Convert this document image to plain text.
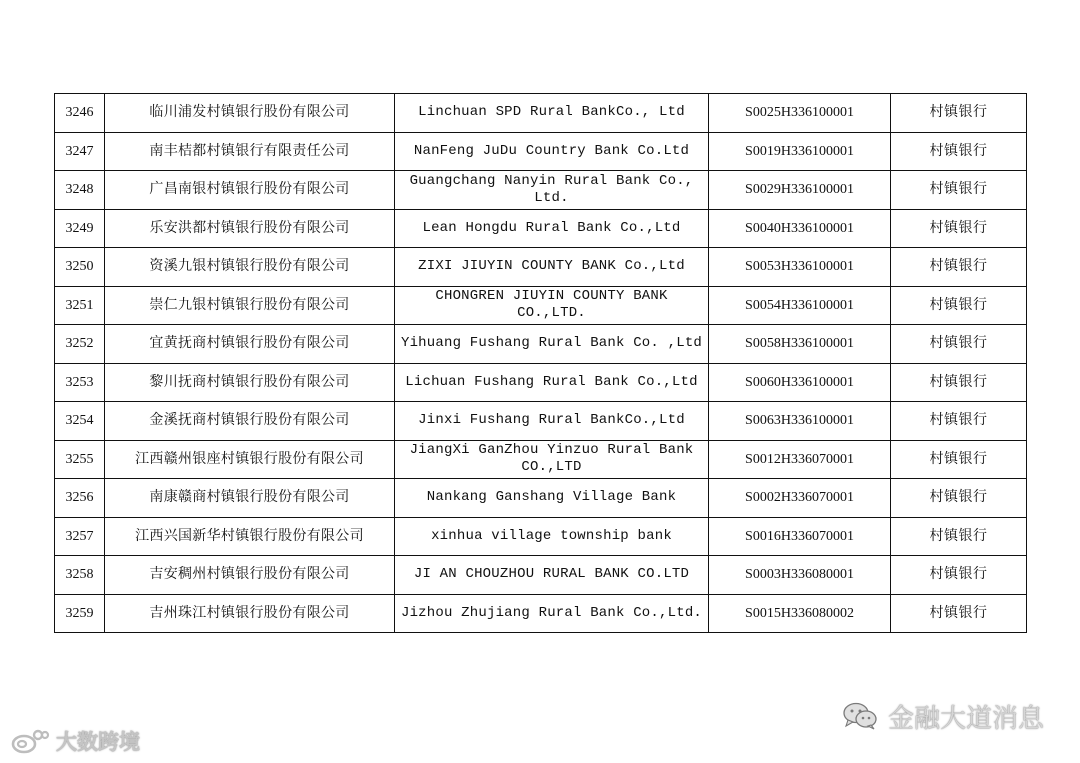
3246	临川浦发村镇银行股份有限公司	Linchuan SPD Rural BankCo., Ltd	S0025H336100001	村镇银行
3247	南丰桔都村镇银行有限责任公司	NanFeng JuDu Country Bank Co.Ltd	S0019H336100001	村镇银行
3248	广昌南银村镇银行股份有限公司	Guangchang Nanyin Rural Bank Co., Ltd.	S0029H336100001	村镇银行
3249	乐安洪都村镇银行股份有限公司	Lean Hongdu Rural Bank Co.,Ltd	S0040H336100001	村镇银行
3250	资溪九银村镇银行股份有限公司	ZIXI JIUYIN COUNTY BANK Co.,Ltd	S0053H336100001	村镇银行
3251	崇仁九银村镇银行股份有限公司	CHONGREN JIUYIN COUNTY BANK CO.,LTD.	S0054H336100001	村镇银行
3252	宜黄抚商村镇银行股份有限公司	Yihuang Fushang Rural Bank Co. ,Ltd	S0058H336100001	村镇银行
3253	黎川抚商村镇银行股份有限公司	Lichuan Fushang Rural Bank Co.,Ltd	S0060H336100001	村镇银行
3254	金溪抚商村镇银行股份有限公司	Jinxi Fushang Rural BankCo.,Ltd	S0063H336100001	村镇银行
3255	江西赣州银座村镇银行股份有限公司	JiangXi GanZhou Yinzuo Rural Bank CO.,LTD	S0012H336070001	村镇银行
3256	南康赣商村镇银行股份有限公司	Nankang Ganshang Village Bank	S0002H336070001	村镇银行
3257	江西兴国新华村镇银行股份有限公司	xinhua village township bank	S0016H336070001	村镇银行
3258	吉安稠州村镇银行股份有限公司	JI AN CHOUZHOU RURAL BANK CO.LTD	S0003H336080001	村镇银行
3259	吉州珠江村镇银行股份有限公司	Jizhou Zhujiang Rural Bank Co.,Ltd.	S0015H336080002	村镇银行
大数跨境
金融大道消息
